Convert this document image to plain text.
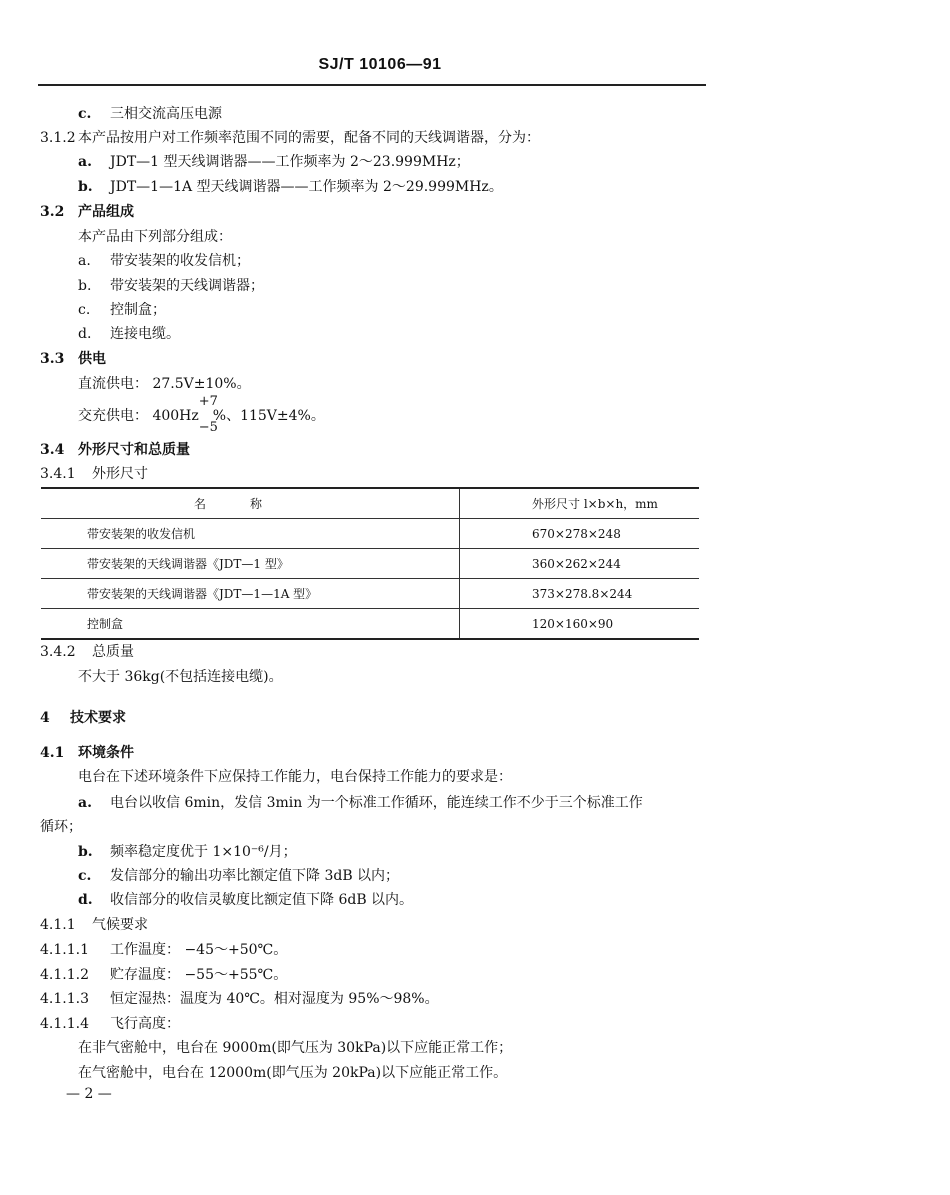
SJ/T 10106—91
c. 三相交流高压电源
3.1.2 本产品按用户对工作频率范围不同的需要，配备不同的天线调谐器，分为：
a. JDT—1 型天线调谐器——工作频率为 2～23.999MHz；
b. JDT—1—1A 型天线调谐器——工作频率为 2～29.999MHz。
3.2 产品组成
本产品由下列部分组成：
a. 带安装架的收发信机；
b. 带安装架的天线调谐器；
c. 控制盒；
d. 连接电缆。
3.3 供电
直流供电： 27.5V±10%。
交充供电： 400Hz
+7
−5
%、115V±4%。
3.4 外形尺寸和总质量
3.4.1 外形尺寸
名称	外形尺寸 l×b×h，mm
带安装架的收发信机	670×278×248
带安装架的天线调谐器《JDT—1 型》	360×262×244
带安装架的天线调谐器《JDT—1—1A 型》	373×278.8×244
控制盒	120×160×90
3.4.2 总质量
不大于 36kg(不包括连接电缆)。
4 技术要求
4.1 环境条件
电台在下述环境条件下应保持工作能力，电台保持工作能力的要求是：
a. 电台以收信 6min，发信 3min 为一个标准工作循环，能连续工作不少于三个标准工作
循环；
b. 频率稳定度优于 1×10⁻⁶/月；
c. 发信部分的输出功率比额定值下降 3dB 以内；
d. 收信部分的收信灵敏度比额定值下降 6dB 以内。
4.1.1 气候要求
4.1.1.1 工作温度： −45～+50℃。
4.1.1.2 贮存温度： −55～+55℃。
4.1.1.3 恒定湿热：温度为 40℃。相对湿度为 95%～98%。
4.1.1.4 飞行高度：
在非气密舱中，电台在 9000m(即气压为 30kPa)以下应能正常工作；
在气密舱中，电台在 12000m(即气压为 20kPa)以下应能正常工作。
— 2 —
